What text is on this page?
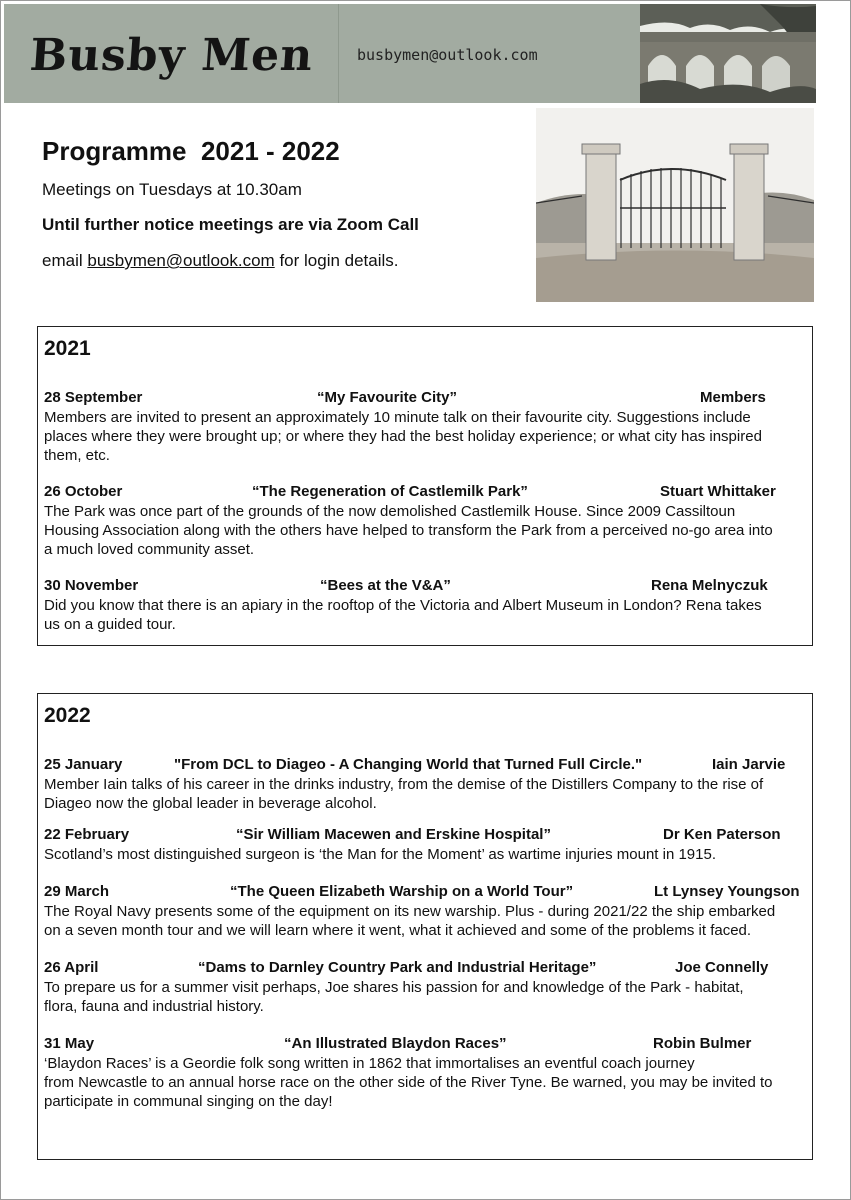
Busby Men	busbymen@outlook.com
Programme  2021 - 2022
Meetings on Tuesdays at 10.30am
Until further notice meetings are via Zoom Call
email busbymen@outlook.com for login details.
2021
28 September	“My Favourite City”	Members
Members are invited to present an approximately 10 minute talk on their favourite city. Suggestions include
places where they were brought up; or where they had the best holiday experience; or what city has inspired
them, etc.
26 October	“The Regeneration of Castlemilk Park”	Stuart Whittaker
The Park was once part of the grounds of the now demolished Castlemilk House. Since 2009 Cassiltoun
Housing Association along with the others have helped to transform the Park from a perceived no-go area into
a much loved community asset.
30 November	“Bees at the V&A”	Rena Melnyczuk
Did you know that there is an apiary in the rooftop of the Victoria and Albert Museum in London? Rena takes
us on a guided tour.
2022
25 January	"From DCL to Diageo - A Changing World that Turned Full Circle."	Iain Jarvie
Member Iain talks of his career in the drinks industry, from the demise of the Distillers Company to the rise of
Diageo now the global leader in beverage alcohol.
22 February	“Sir William Macewen and Erskine Hospital”	Dr Ken Paterson
Scotland’s most distinguished surgeon is ‘the Man for the Moment’ as wartime injuries mount in 1915.
29 March	“The Queen Elizabeth Warship on a World Tour”	Lt Lynsey Youngson
The Royal Navy presents some of the equipment on its new warship. Plus - during 2021/22 the ship embarked
on a seven month tour and we will learn where it went, what it achieved and some of the problems it faced.
26 April	“Dams to Darnley Country Park and Industrial Heritage”	Joe Connelly
To prepare us for a summer visit perhaps, Joe shares his passion for and knowledge of the Park - habitat,
flora, fauna and industrial history.
31 May	“An Illustrated Blaydon Races”	Robin Bulmer
‘Blaydon Races’ is a Geordie folk song written in 1862 that immortalises an eventful coach journey
from Newcastle to an annual horse race on the other side of the River Tyne. Be warned, you may be invited to
participate in communal singing on the day!
